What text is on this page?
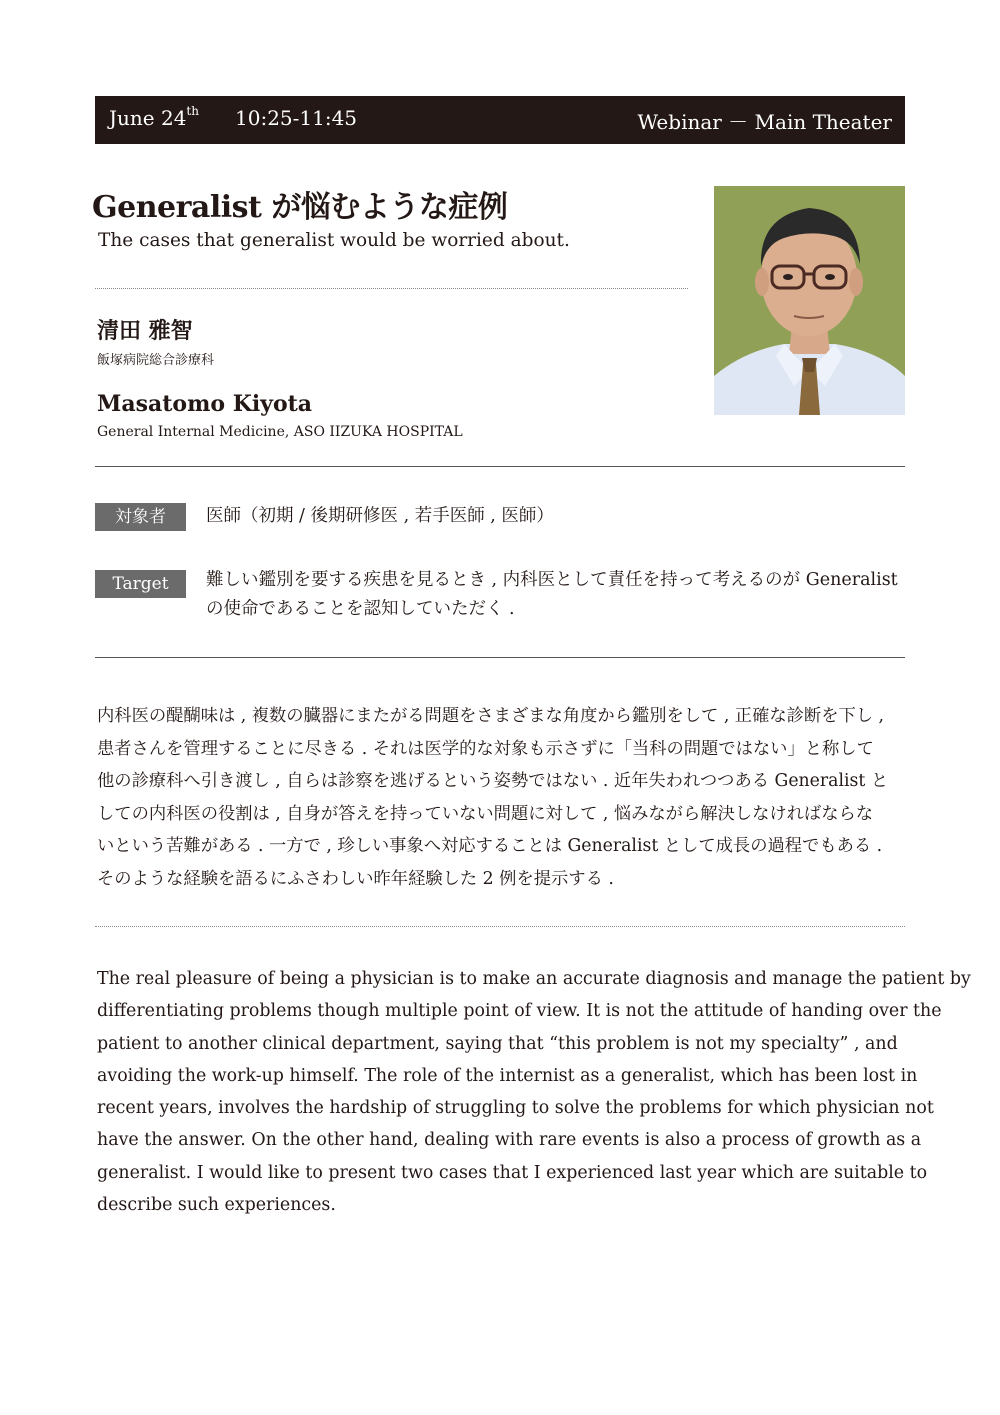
June 24th 10:25-11:45	Webinar － Main Theater
Generalist が悩むような症例
The cases that generalist would be worried about.
清田 雅智
飯塚病院総合診療科
Masatomo Kiyota
General Internal Medicine, ASO IIZUKA HOSPITAL
対象者	医師（初期 / 後期研修医 , 若手医師 , 医師）
Target	難しい鑑別を要する疾患を見るとき , 内科医として責任を持って考えるのが Generalist
の使命であることを認知していただく .

内科医の醍醐味は , 複数の臓器にまたがる問題をさまざまな角度から鑑別をして , 正確な診断を下し ,

患者さんを管理することに尽きる . それは医学的な対象も示さずに「当科の問題ではない」と称して

他の診療科へ引き渡し , 自らは診察を逃げるという姿勢ではない . 近年失われつつある Generalist と

しての内科医の役割は , 自身が答えを持っていない問題に対して , 悩みながら解決しなければならな

いという苦難がある . 一方で , 珍しい事象へ対応することは Generalist として成長の過程でもある .

そのような経験を語るにふさわしい昨年経験した 2 例を提示する .

The real pleasure of being a physician is to make an accurate diagnosis and manage the patient by

differentiating problems though multiple point of view. It is not the attitude of handing over the

patient to another clinical department, saying that “this problem is not my specialty” , and

avoiding the work-up himself. The role of the internist as a generalist, which has been lost in

recent years, involves the hardship of struggling to solve the problems for which physician not

have the answer. On the other hand, dealing with rare events is also a process of growth as a

generalist. I would like to present two cases that I experienced last year which are suitable to

describe such experiences.
